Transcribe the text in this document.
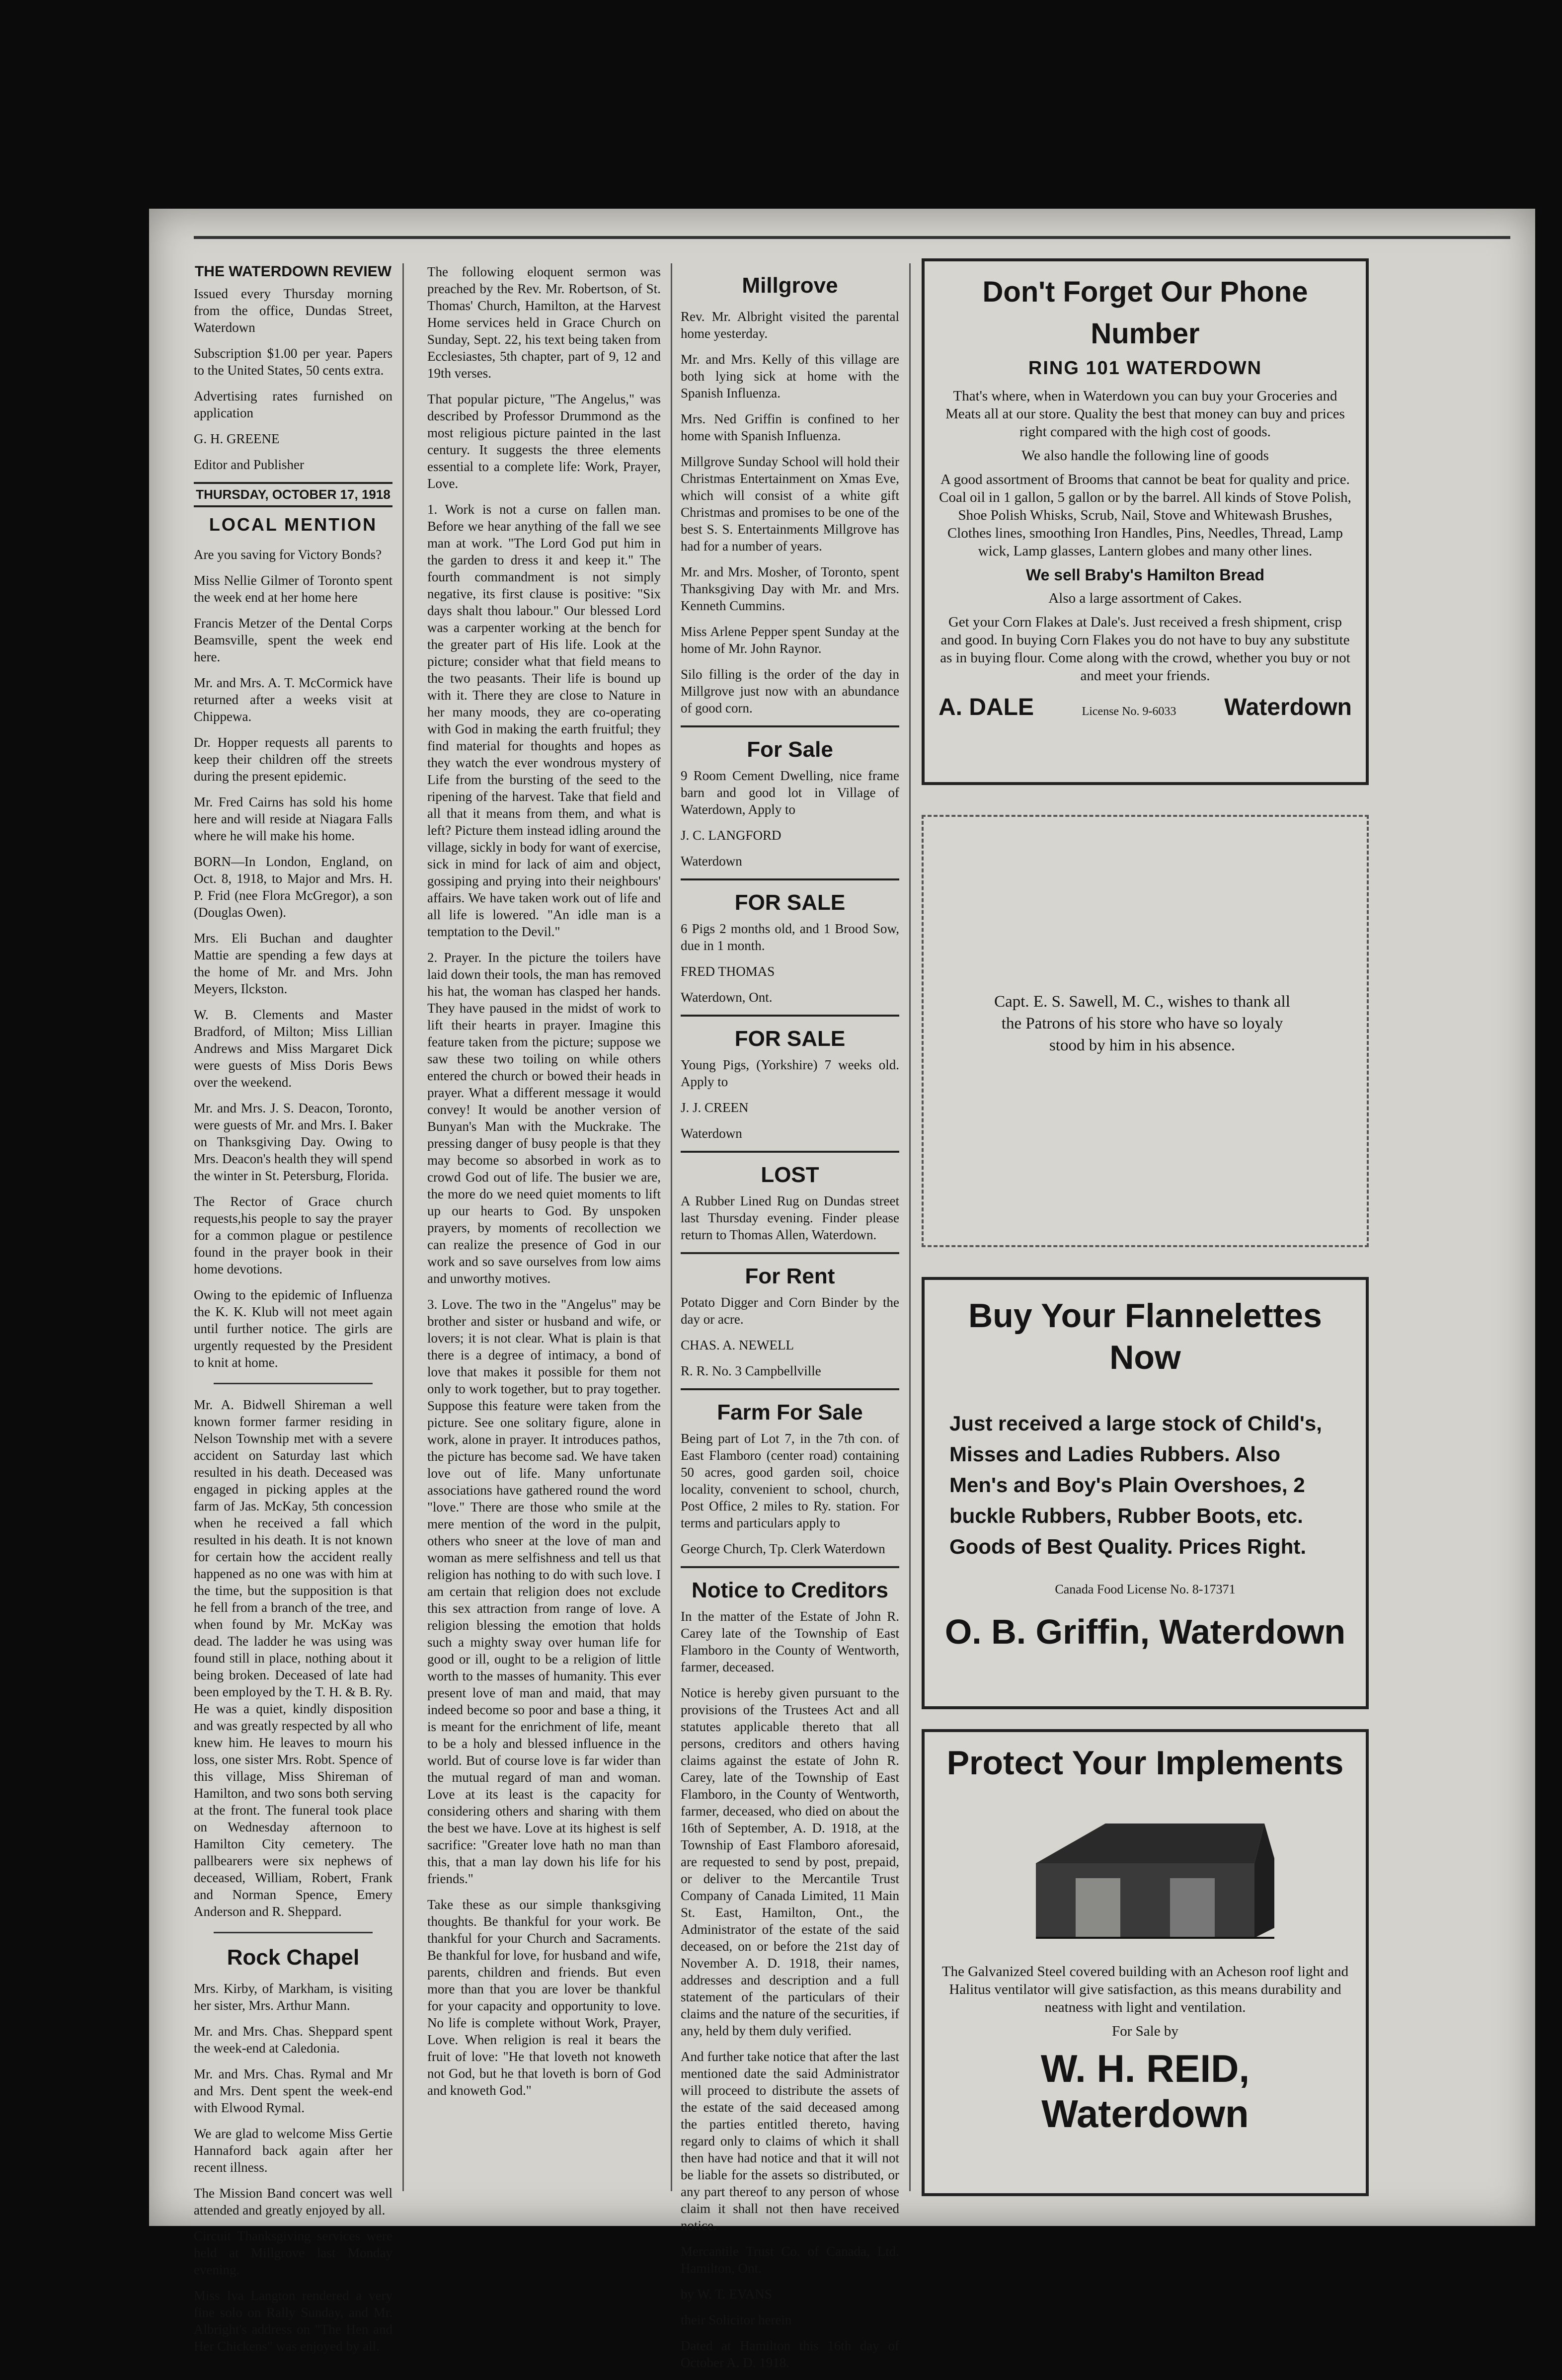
THE WATERDOWN REVIEW

Issued every Thursday morning from the office, Dundas Street, Waterdown

Subscription $1.00 per year. Papers to the United States, 50 cents extra.

Advertising rates furnished on application

G. H. GREENE

Editor and Publisher

THURSDAY, OCTOBER 17, 1918
LOCAL MENTION

Are you saving for Victory Bonds?

Miss Nellie Gilmer of Toronto spent the week end at her home here

Francis Metzer of the Dental Corps Beamsville, spent the week end here.

Mr. and Mrs. A. T. McCormick have returned after a weeks visit at Chippewa.

Dr. Hopper requests all parents to keep their children off the streets during the present epidemic.

Mr. Fred Cairns has sold his home here and will reside at Niagara Falls where he will make his home.

BORN—In London, England, on Oct. 8, 1918, to Major and Mrs. H. P. Frid (nee Flora McGregor), a son (Douglas Owen).

Mrs. Eli Buchan and daughter Mattie are spending a few days at the home of Mr. and Mrs. John Meyers, Ilckston.

W. B. Clements and Master Bradford, of Milton; Miss Lillian Andrews and Miss Margaret Dick were guests of Miss Doris Bews over the weekend.

Mr. and Mrs. J. S. Deacon, Toronto, were guests of Mr. and Mrs. I. Baker on Thanksgiving Day. Owing to Mrs. Deacon's health they will spend the winter in St. Petersburg, Florida.

The Rector of Grace church requests,his people to say the prayer for a common plague or pestilence found in the prayer book in their home devotions.

Owing to the epidemic of Influenza the K. K. Klub will not meet again until further notice. The girls are urgently requested by the President to knit at home.

Mr. A. Bidwell Shireman a well known former farmer residing in Nelson Township met with a severe accident on Saturday last which resulted in his death. Deceased was engaged in picking apples at the farm of Jas. McKay, 5th concession when he received a fall which resulted in his death. It is not known for certain how the accident really happened as no one was with him at the time, but the supposition is that he fell from a branch of the tree, and when found by Mr. McKay was dead. The ladder he was using was found still in place, nothing about it being broken. Deceased of late had been employed by the T. H. & B. Ry. He was a quiet, kindly disposition and was greatly respected by all who knew him. He leaves to mourn his loss, one sister Mrs. Robt. Spence of this village, Miss Shireman of Hamilton, and two sons both serving at the front. The funeral took place on Wednesday afternoon to Hamilton City cemetery. The pallbearers were six nephews of deceased, William, Robert, Frank and Norman Spence, Emery Anderson and R. Sheppard.

Rock Chapel

Mrs. Kirby, of Markham, is visiting her sister, Mrs. Arthur Mann.

Mr. and Mrs. Chas. Sheppard spent the week-end at Caledonia.

Mr. and Mrs. Chas. Rymal and Mr and Mrs. Dent spent the week-end with Elwood Rymal.

We are glad to welcome Miss Gertie Hannaford back again after her recent illness.

The Mission Band concert was well attended and greatly enjoyed by all.

Circuit Thanksgiving services were held at Millgrove last Monday evening.

Miss Iva Langton rendered a very fine solo on Rally Sunday, and Mr. Albright's address on "The Hen and Her Chickens" was enjoyed by all.

The following eloquent sermon was preached by the Rev. Mr. Robertson, of St. Thomas' Church, Hamilton, at the Harvest Home services held in Grace Church on Sunday, Sept. 22, his text being taken from Ecclesiastes, 5th chapter, part of 9, 12 and 19th verses.

That popular picture, "The Angelus," was described by Professor Drummond as the most religious picture painted in the last century. It suggests the three elements essential to a complete life: Work, Prayer, Love.

1. Work is not a curse on fallen man. Before we hear anything of the fall we see man at work. "The Lord God put him in the garden to dress it and keep it." The fourth commandment is not simply negative, its first clause is positive: "Six days shalt thou labour." Our blessed Lord was a carpenter working at the bench for the greater part of His life. Look at the picture; consider what that field means to the two peasants. Their life is bound up with it. There they are close to Nature in her many moods, they are co-operating with God in making the earth fruitful; they find material for thoughts and hopes as they watch the ever wondrous mystery of Life from the bursting of the seed to the ripening of the harvest. Take that field and all that it means from them, and what is left? Picture them instead idling around the village, sickly in body for want of exercise, sick in mind for lack of aim and object, gossiping and prying into their neighbours' affairs. We have taken work out of life and all life is lowered. "An idle man is a temptation to the Devil."

2. Prayer. In the picture the toilers have laid down their tools, the man has removed his hat, the woman has clasped her hands. They have paused in the midst of work to lift their hearts in prayer. Imagine this feature taken from the picture; suppose we saw these two toiling on while others entered the church or bowed their heads in prayer. What a different message it would convey! It would be another version of Bunyan's Man with the Muckrake. The pressing danger of busy people is that they may become so absorbed in work as to crowd God out of life. The busier we are, the more do we need quiet moments to lift up our hearts to God. By unspoken prayers, by moments of recollection we can realize the presence of God in our work and so save ourselves from low aims and unworthy motives.

3. Love. The two in the "Angelus" may be brother and sister or husband and wife, or lovers; it is not clear. What is plain is that there is a degree of intimacy, a bond of love that makes it possible for them not only to work together, but to pray together. Suppose this feature were taken from the picture. See one solitary figure, alone in work, alone in prayer. It introduces pathos, the picture has become sad. We have taken love out of life. Many unfortunate associations have gathered round the word "love." There are those who smile at the mere mention of the word in the pulpit, others who sneer at the love of man and woman as mere selfishness and tell us that religion has nothing to do with such love. I am certain that religion does not exclude this sex attraction from range of love. A religion blessing the emotion that holds such a mighty sway over human life for good or ill, ought to be a religion of little worth to the masses of humanity. This ever present love of man and maid, that may indeed become so poor and base a thing, it is meant for the enrichment of life, meant to be a holy and blessed influence in the world. But of course love is far wider than the mutual regard of man and woman. Love at its least is the capacity for considering others and sharing with them the best we have. Love at its highest is self sacrifice: "Greater love hath no man than this, that a man lay down his life for his friends."

Take these as our simple thanksgiving thoughts. Be thankful for your work. Be thankful for your Church and Sacraments. Be thankful for love, for husband and wife, parents, children and friends. But even more than that you are lover be thankful for your capacity and opportunity to love. No life is complete without Work, Prayer, Love. When religion is real it bears the fruit of love: "He that loveth not knoweth not God, but he that loveth is born of God and knoweth God."

Millgrove

Rev. Mr. Albright visited the parental home yesterday.

Mr. and Mrs. Kelly of this village are both lying sick at home with the Spanish Influenza.

Mrs. Ned Griffin is confined to her home with Spanish Influenza.

Millgrove Sunday School will hold their Christmas Entertainment on Xmas Eve, which will consist of a white gift Christmas and promises to be one of the best S. S. Entertainments Millgrove has had for a number of years.

Mr. and Mrs. Mosher, of Toronto, spent Thanksgiving Day with Mr. and Mrs. Kenneth Cummins.

Miss Arlene Pepper spent Sunday at the home of Mr. John Raynor.

Silo filling is the order of the day in Millgrove just now with an abundance of good corn.

For Sale

9 Room Cement Dwelling, nice frame barn and good lot in Village of Waterdown, Apply to

J. C. LANGFORD

Waterdown

FOR SALE

6 Pigs 2 months old, and 1 Brood Sow, due in 1 month.

FRED THOMAS

Waterdown, Ont.

FOR SALE

Young Pigs, (Yorkshire) 7 weeks old. Apply to

J. J. CREEN

Waterdown

LOST

A Rubber Lined Rug on Dundas street last Thursday evening. Finder please return to Thomas Allen, Waterdown.

For Rent

Potato Digger and Corn Binder by the day or acre.

CHAS. A. NEWELL

R. R. No. 3 Campbellville

Farm For Sale

Being part of Lot 7, in the 7th con. of East Flamboro (center road) containing 50 acres, good garden soil, choice locality, convenient to school, church, Post Office, 2 miles to Ry. station. For terms and particulars apply to

George Church, Tp. Clerk Waterdown

Notice to Creditors

In the matter of the Estate of John R. Carey late of the Township of East Flamboro in the County of Wentworth, farmer, deceased.

Notice is hereby given pursuant to the provisions of the Trustees Act and all statutes applicable thereto that all persons, creditors and others having claims against the estate of John R. Carey, late of the Township of East Flamboro, in the County of Wentworth, farmer, deceased, who died on about the 16th of September, A. D. 1918, at the Township of East Flamboro aforesaid, are requested to send by post, prepaid, or deliver to the Mercantile Trust Company of Canada Limited, 11 Main St. East, Hamilton, Ont., the Administrator of the estate of the said deceased, on or before the 21st day of November A. D. 1918, their names, addresses and description and a full statement of the particulars of their claims and the nature of the securities, if any, held by them duly verified.

And further take notice that after the last mentioned date the said Administrator will proceed to distribute the assets of the estate of the said deceased among the parties entitled thereto, having regard only to claims of which it shall then have had notice and that it will not be liable for the assets so distributed, or any part thereof to any person of whose claim it shall not then have received notice.

Mercantile Trust Co. of Canada, Ltd. Hamilton, Ont.

by W. T. EVANS

their Solicitor herein

Dated at Hamilton this 16th day of October A. D. 1918.

Don't Forget Our Phone Number
RING 101 WATERDOWN

That's where, when in Waterdown you can buy your Groceries and Meats all at our store. Quality the best that money can buy and prices right compared with the high cost of goods.

We also handle the following line of goods

A good assortment of Brooms that cannot be beat for quality and price. Coal oil in 1 gallon, 5 gallon or by the barrel. All kinds of Stove Polish, Shoe Polish Whisks, Scrub, Nail, Stove and Whitewash Brushes, Clothes lines, smoothing Iron Handles, Pins, Needles, Thread, Lamp wick, Lamp glasses, Lantern globes and many other lines.

We sell Braby's Hamilton Bread

Also a large assortment of Cakes.

Get your Corn Flakes at Dale's. Just received a fresh shipment, crisp and good. In buying Corn Flakes you do not have to buy any substitute as in buying flour. Come along with the crowd, whether you buy or not and meet your friends.

A. DALE	License No. 9-6033 Waterdown
Capt. E. S. Sawell, M. C., wishes to thank all the Patrons of his store who have so loyaly stood by him in his absence.
Buy Your Flannelettes Now
Just received a large stock of Child's, Misses and Ladies Rubbers. Also Men's and Boy's Plain Overshoes, 2 buckle Rubbers, Rubber Boots, etc. Goods of Best Quality. Prices Right.
Canada Food License No. 8-17371
O. B. Griffin, Waterdown
Protect Your Implements

The Galvanized Steel covered building with an Acheson roof light and Halitus ventilator will give satisfaction, as this means durability and neatness with light and ventilation.

For Sale by

W. H. REID, Waterdown
